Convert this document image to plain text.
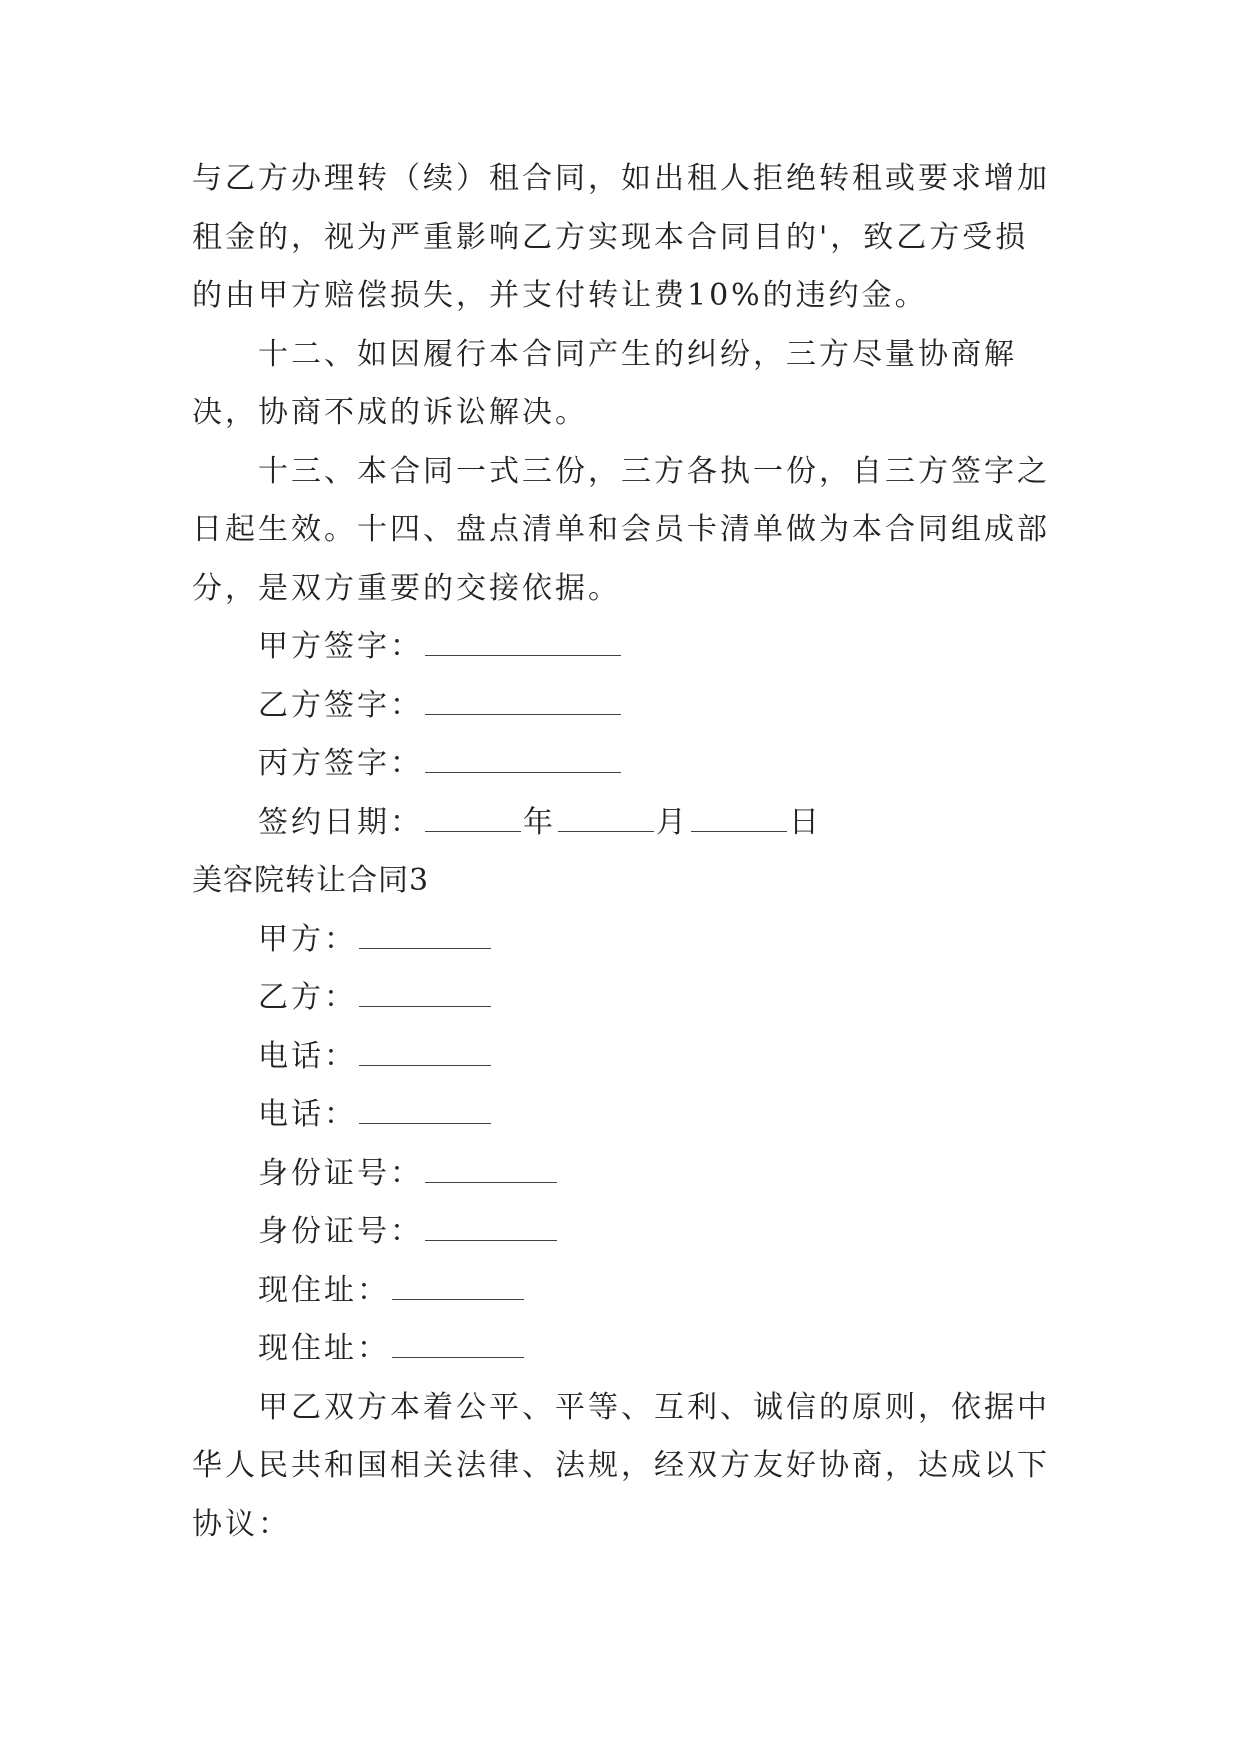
与乙方办理转（续）租合同，如出租人拒绝转租或要求增加租金的，视为严重影响乙方实现本合同目的'，致乙方受损的由甲方赔偿损失，并支付转让费10%的违约金。

十二、如因履行本合同产生的纠纷，三方尽量协商解决，协商不成的诉讼解决。

十三、本合同一式三份，三方各执一份，自三方签字之日起生效。十四、盘点清单和会员卡清单做为本合同组成部分，是双方重要的交接依据。

甲方签字：

乙方签字：

丙方签字：

签约日期：	年	月	日

美容院转让合同3

甲方：

乙方：

电话：

电话：

身份证号：

身份证号：

现住址：

现住址：

甲乙双方本着公平、平等、互利、诚信的原则，依据中华人民共和国相关法律、法规，经双方友好协商，达成以下协议：
